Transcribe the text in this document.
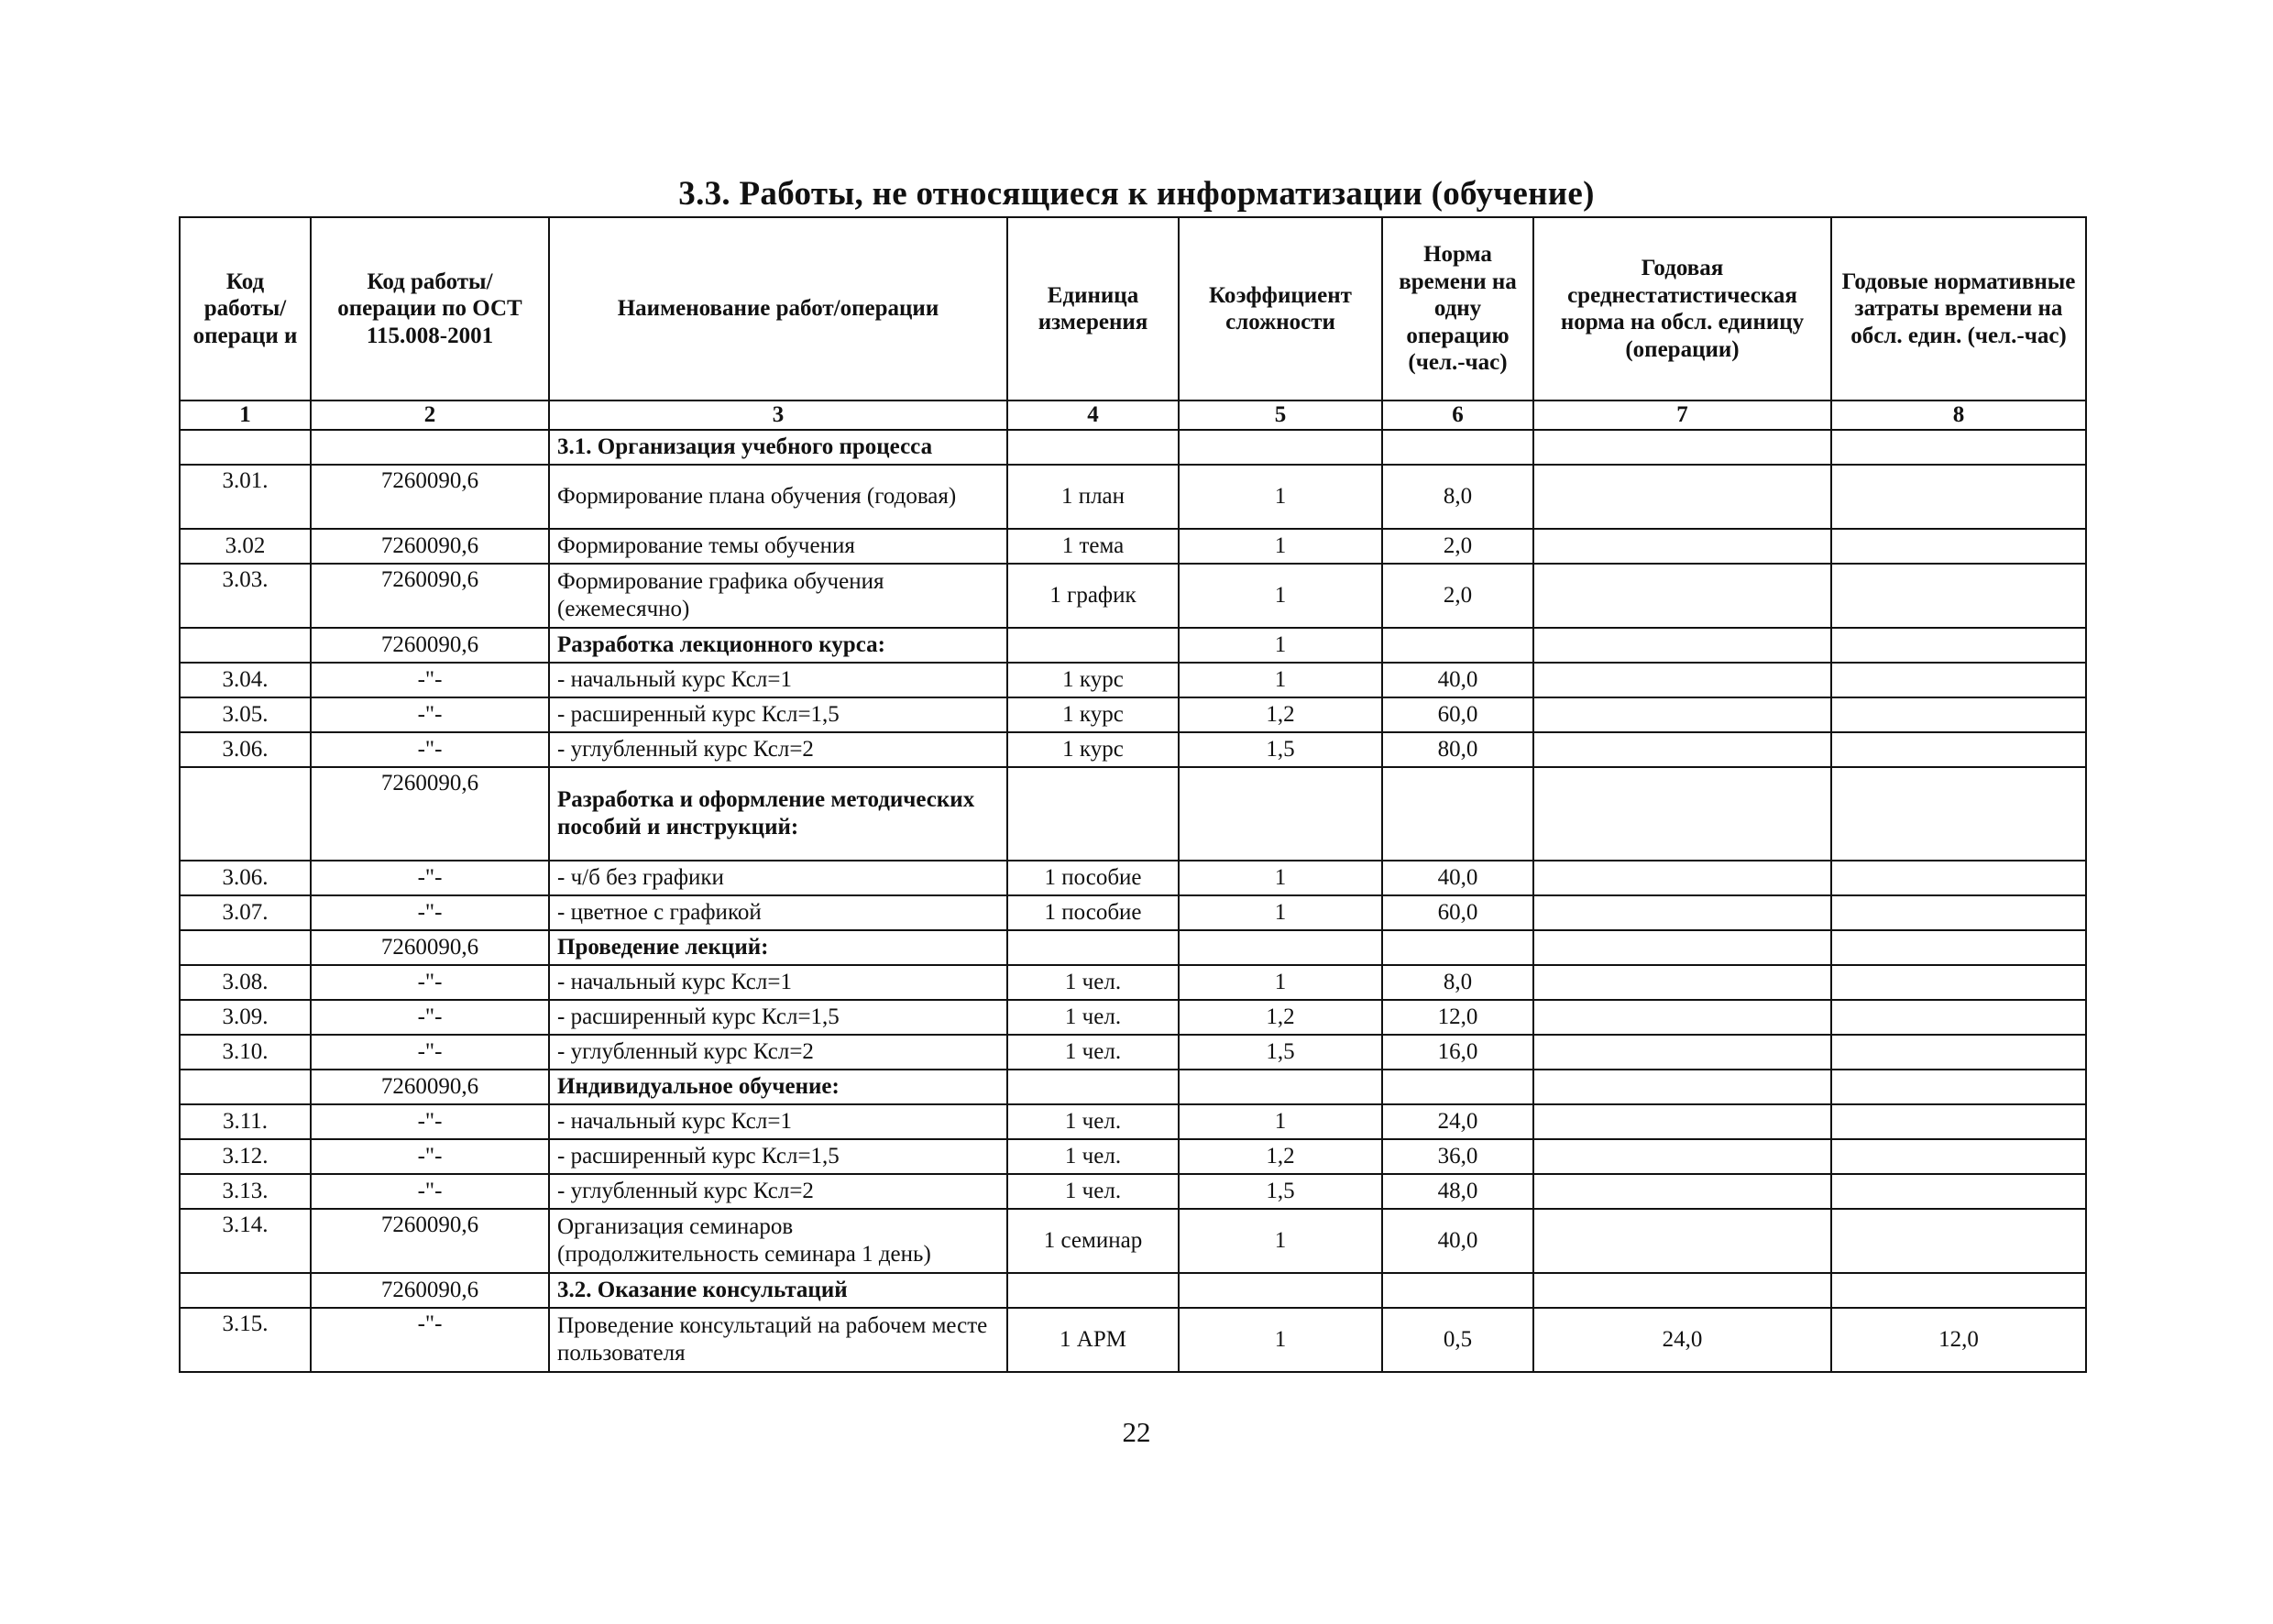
3.3. Работы, не относящиеся к информатизации (обучение)
Код работы/ операци и	Код работы/операции по ОСТ 115.008-2001	Наименование работ/операции	Единица измерения	Коэффициент сложности	Норма времени на одну операцию (чел.-час)	Годовая среднестатистическая норма на обсл. единицу (операции)	Годовые нормативные затраты времени на обсл. един. (чел.-час)
1	2	3	4	5	6	7	8
		3.1. Организация учебного процесса					
3.01.	7260090,6	Формирование плана обучения (годовая)	1 план	1	8,0		
3.02	7260090,6	Формирование темы обучения	1 тема	1	2,0		
3.03.	7260090,6	Формирование графика обучения (ежемесячно)	1 график	1	2,0		
	7260090,6	Разработка лекционного курса:		1			
3.04.	-"-	- начальный курс Ксл=1	1 курс	1	40,0		
3.05.	-"-	- расширенный курс Ксл=1,5	1 курс	1,2	60,0		
3.06.	-"-	- углубленный курс Ксл=2	1 курс	1,5	80,0		
	7260090,6	Разработка и оформление методических пособий и инструкций:					
3.06.	-"-	- ч/б без графики	1 пособие	1	40,0		
3.07.	-"-	- цветное с графикой	1 пособие	1	60,0		
	7260090,6	Проведение лекций:					
3.08.	-"-	- начальный курс Ксл=1	1 чел.	1	8,0		
3.09.	-"-	- расширенный курс Ксл=1,5	1 чел.	1,2	12,0		
3.10.	-"-	- углубленный курс Ксл=2	1 чел.	1,5	16,0		
	7260090,6	Индивидуальное обучение:					
3.11.	-"-	- начальный курс Ксл=1	1 чел.	1	24,0		
3.12.	-"-	- расширенный курс Ксл=1,5	1 чел.	1,2	36,0		
3.13.	-"-	- углубленный курс Ксл=2	1 чел.	1,5	48,0		
3.14.	7260090,6	Организация семинаров (продолжительность семинара 1 день)	1 семинар	1	40,0		
	7260090,6	3.2. Оказание консультаций					
3.15.	-"-	Проведение консультаций на рабочем месте пользователя	1 АРМ	1	0,5	24,0	12,0
22
